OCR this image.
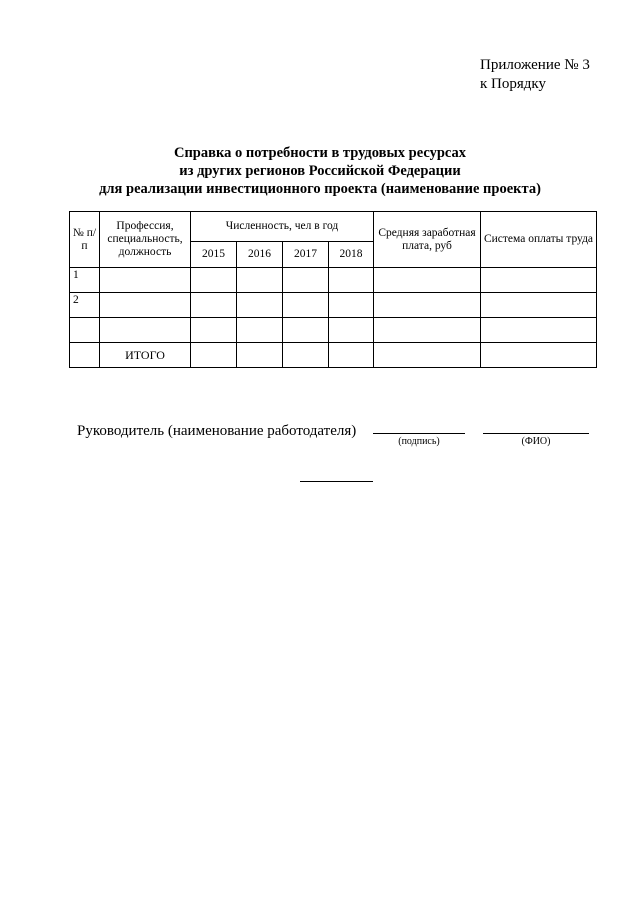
Приложение № 3
к Порядку
Справка о потребности в трудовых ресурсах
из других регионов Российской Федерации
для реализации инвестиционного проекта (наименование проекта)
№ п/п	Профессия, специальность, должность	Численность, чел в год				Средняя заработная плата, руб	Система оплаты труда
		2015	2016	2017	2018		
1							
2							

	ИТОГО						
Руководитель (наименование работодателя)
(подпись)	(ФИО)
